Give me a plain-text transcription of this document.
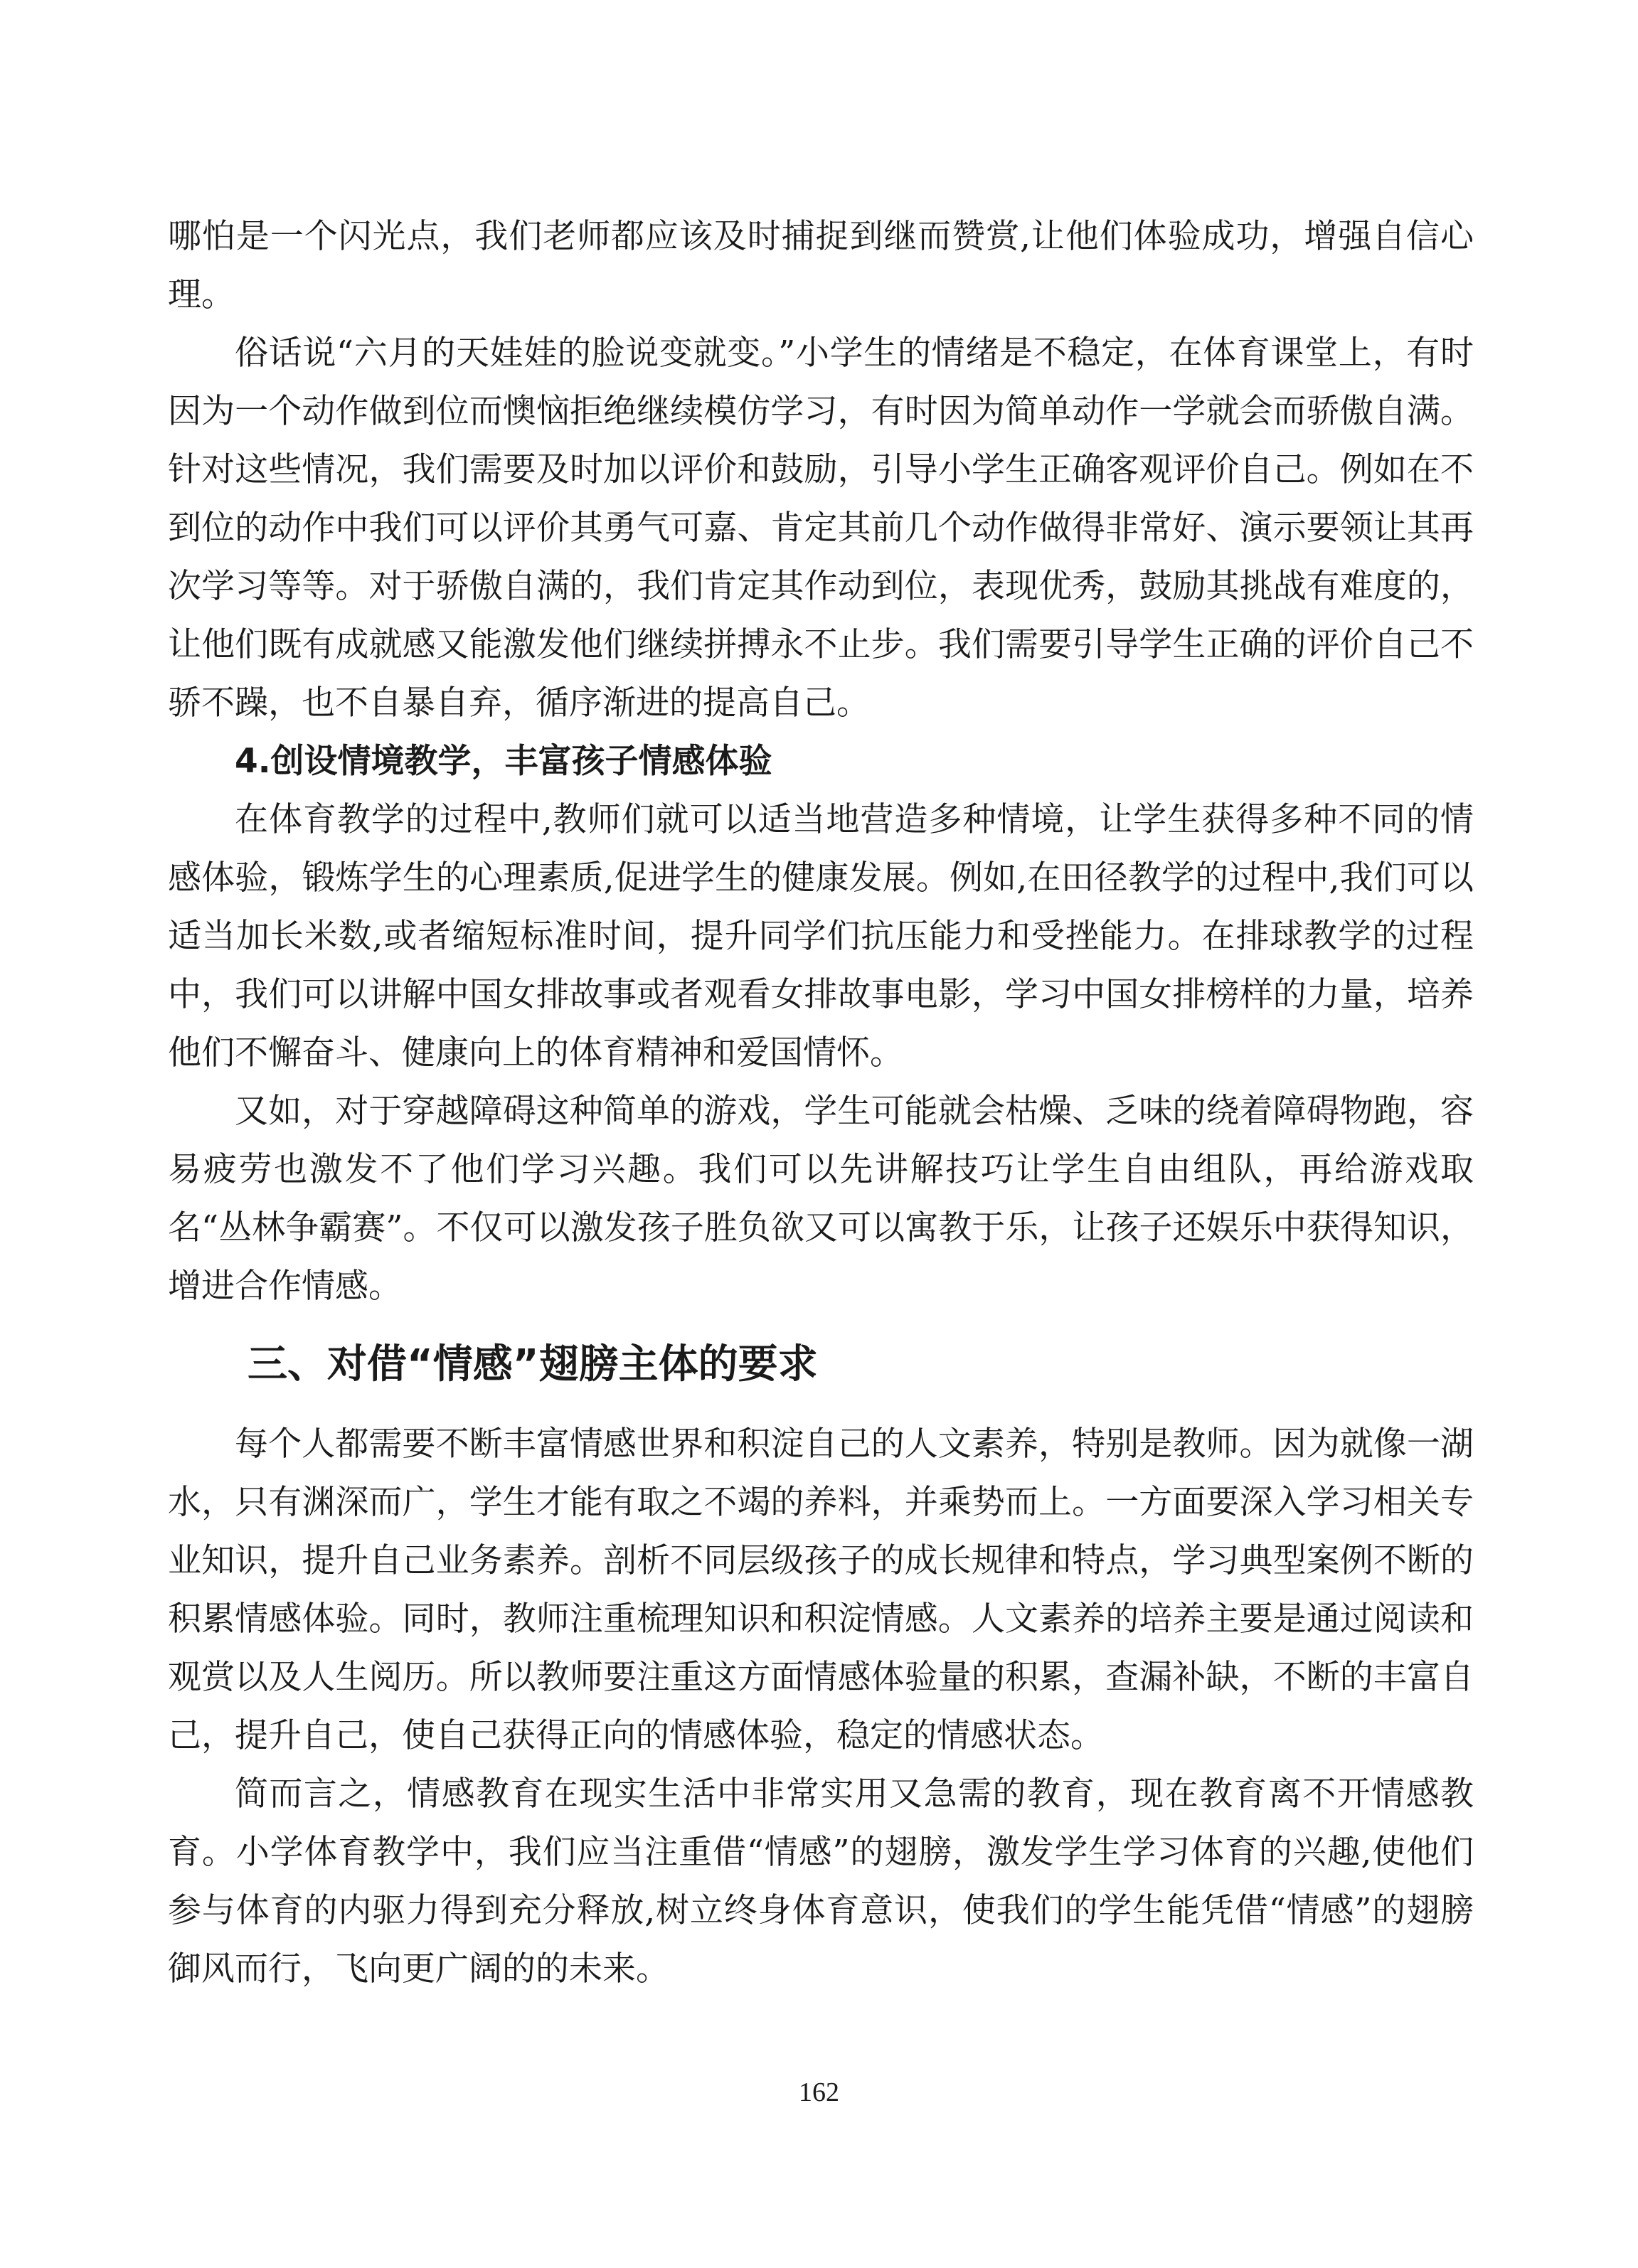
哪怕是一个闪光点，我们老师都应该及时捕捉到继而赞赏,让他们体验成功，增强自信心理。

俗话说“六月的天娃娃的脸说变就变。”小学生的情绪是不稳定，在体育课堂上，有时因为一个动作做到位而懊恼拒绝继续模仿学习，有时因为简单动作一学就会而骄傲自满。针对这些情况，我们需要及时加以评价和鼓励，引导小学生正确客观评价自己。例如在不到位的动作中我们可以评价其勇气可嘉、肯定其前几个动作做得非常好、演示要领让其再次学习等等。对于骄傲自满的，我们肯定其作动到位，表现优秀，鼓励其挑战有难度的，让他们既有成就感又能激发他们继续拼搏永不止步。我们需要引导学生正确的评价自己不骄不躁，也不自暴自弃，循序渐进的提高自己。

4.创设情境教学，丰富孩子情感体验

在体育教学的过程中,教师们就可以适当地营造多种情境，让学生获得多种不同的情感体验，锻炼学生的心理素质,促进学生的健康发展。例如,在田径教学的过程中,我们可以适当加长米数,或者缩短标准时间，提升同学们抗压能力和受挫能力。在排球教学的过程中，我们可以讲解中国女排故事或者观看女排故事电影，学习中国女排榜样的力量，培养他们不懈奋斗、健康向上的体育精神和爱国情怀。

又如，对于穿越障碍这种简单的游戏，学生可能就会枯燥、乏味的绕着障碍物跑，容易疲劳也激发不了他们学习兴趣。我们可以先讲解技巧让学生自由组队，再给游戏取名“丛林争霸赛”。不仅可以激发孩子胜负欲又可以寓教于乐，让孩子还娱乐中获得知识，增进合作情感。

三、对借“情感”翅膀主体的要求

每个人都需要不断丰富情感世界和积淀自己的人文素养，特别是教师。因为就像一湖水，只有渊深而广，学生才能有取之不竭的养料，并乘势而上。一方面要深入学习相关专业知识，提升自己业务素养。剖析不同层级孩子的成长规律和特点，学习典型案例不断的积累情感体验。同时，教师注重梳理知识和积淀情感。人文素养的培养主要是通过阅读和观赏以及人生阅历。所以教师要注重这方面情感体验量的积累，查漏补缺，不断的丰富自己，提升自己，使自己获得正向的情感体验，稳定的情感状态。

简而言之，情感教育在现实生活中非常实用又急需的教育，现在教育离不开情感教育。小学体育教学中，我们应当注重借“情感”的翅膀，激发学生学习体育的兴趣,使他们参与体育的内驱力得到充分释放,树立终身体育意识，使我们的学生能凭借“情感”的翅膀御风而行，飞向更广阔的的未来。

162
